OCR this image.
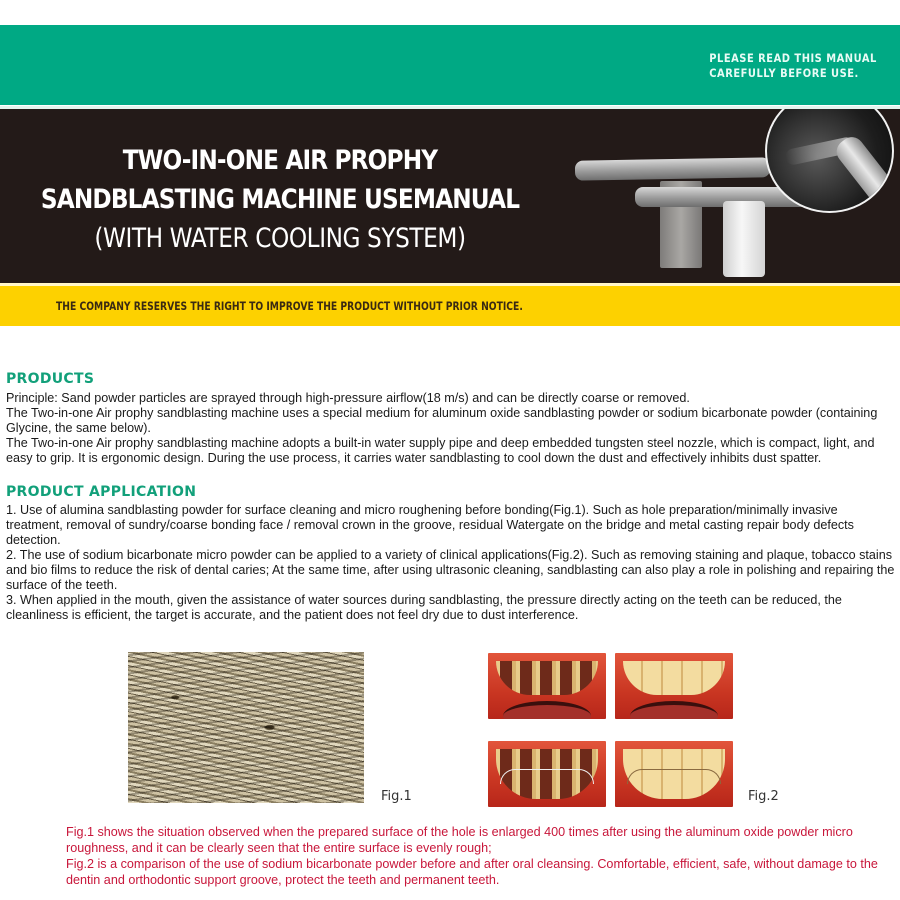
PLEASE READ THIS MANUAL
CAREFULLY BEFORE USE.
TWO-IN-ONE AIR PROPHY
SANDBLASTING MACHINE USEMANUAL
(WITH WATER COOLING SYSTEM)
THE COMPANY RESERVES THE RIGHT TO IMPROVE THE PRODUCT WITHOUT PRIOR NOTICE.
PRODUCTS

Principle: Sand powder particles are sprayed through high-pressure airflow(18 m/s) and can be directly coarse or removed.

The Two-in-one Air prophy sandblasting machine uses a special medium for aluminum oxide sandblasting powder or sodium bicarbonate powder (containing Glycine, the same below).

The Two-in-one Air prophy sandblasting machine adopts a built-in water supply pipe and deep embedded tungsten steel nozzle, which is compact, light, and easy to grip. It is ergonomic design. During the use process, it carries water sandblasting to cool down the dust and effectively inhibits dust spatter.

PRODUCT APPLICATION

1. Use of alumina sandblasting powder for surface cleaning and micro roughening before bonding(Fig.1). Such as hole preparation/minimally invasive treatment, removal of sundry/coarse bonding face / removal crown in the groove, residual Watergate on the bridge and metal casting repair body defects detection.

2. The use of sodium bicarbonate micro powder can be applied to a variety of clinical applications(Fig.2). Such as removing staining and plaque, tobacco stains and bio films to reduce the risk of dental caries; At the same time, after using ultrasonic cleaning, sandblasting can also play a role in polishing and repairing the surface of the teeth.

3. When applied in the mouth, given the assistance of water sources during sandblasting, the pressure directly acting on the teeth can be reduced, the cleanliness is efficient, the target is accurate, and the patient does not feel dry due to dust interference.

Fig.1	Fig.2

Fig.1 shows the situation observed when the prepared surface of the hole is enlarged 400 times after using the aluminum oxide powder micro roughness, and it can be clearly seen that the entire surface is evenly rough;

Fig.2 is a comparison of the use of sodium bicarbonate powder before and after oral cleansing. Comfortable, efficient, safe, without damage to the dentin and orthodontic support groove, protect the teeth and permanent teeth.
